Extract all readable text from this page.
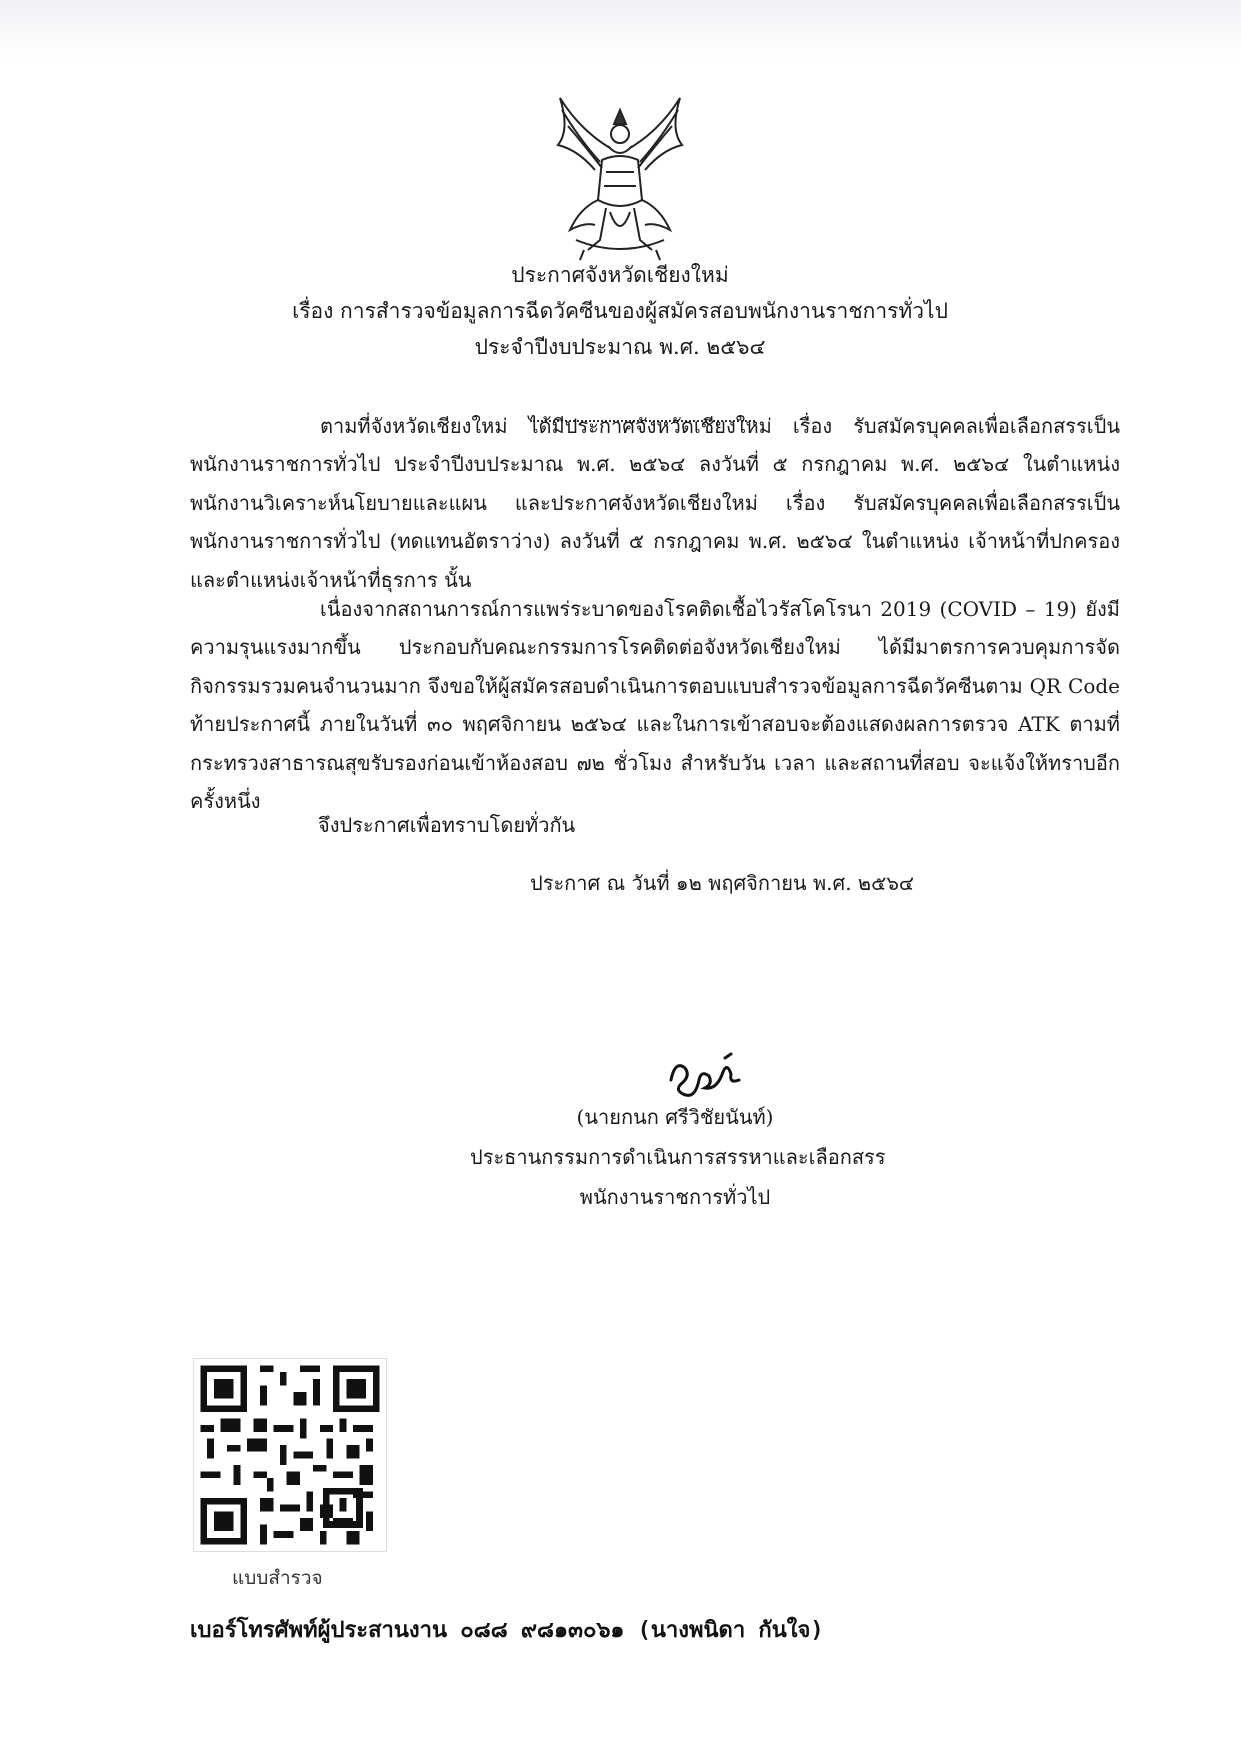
ประกาศจังหวัดเชียงใหม่
เรื่อง การสำรวจข้อมูลการฉีดวัคซีนของผู้สมัครสอบพนักงานราชการทั่วไป
ประจำปีงบประมาณ พ.ศ. ๒๕๖๔
ตามที่จังหวัดเชียงใหม่ ได้มีประกาศจังหวัดเชียงใหม่ เรื่อง รับสมัครบุคคลเพื่อเลือกสรรเป็นพนักงานราชการทั่วไป ประจำปีงบประมาณ พ.ศ. ๒๕๖๔ ลงวันที่ ๕ กรกฎาคม พ.ศ. ๒๕๖๔ ในตำแหน่งพนักงานวิเคราะห์นโยบายและแผน และประกาศจังหวัดเชียงใหม่ เรื่อง รับสมัครบุคคลเพื่อเลือกสรรเป็นพนักงานราชการทั่วไป (ทดแทนอัตราว่าง) ลงวันที่ ๕ กรกฎาคม พ.ศ. ๒๕๖๔ ในตำแหน่ง เจ้าหน้าที่ปกครอง และตำแหน่งเจ้าหน้าที่ธุรการ นั้น
เนื่องจากสถานการณ์การแพร่ระบาดของโรคติดเชื้อไวรัสโคโรนา 2019 (COVID – 19) ยังมีความรุนแรงมากขึ้น ประกอบกับคณะกรรมการโรคติดต่อจังหวัดเชียงใหม่ ได้มีมาตรการควบคุมการจัดกิจกรรมรวมคนจำนวนมาก จึงขอให้ผู้สมัครสอบดำเนินการตอบแบบสำรวจข้อมูลการฉีดวัคซีนตาม QR Code ท้ายประกาศนี้ ภายในวันที่ ๓๐ พฤศจิกายน ๒๕๖๔ และในการเข้าสอบจะต้องแสดงผลการตรวจ ATK ตามที่กระทรวงสาธารณสุขรับรองก่อนเข้าห้องสอบ ๗๒ ชั่วโมง สำหรับวัน เวลา และสถานที่สอบ จะแจ้งให้ทราบอีกครั้งหนึ่ง
จึงประกาศเพื่อทราบโดยทั่วกัน
ประกาศ ณ วันที่ ๑๒ พฤศจิกายน พ.ศ. ๒๕๖๔
(นายกนก ศรีวิชัยนันท์)
ประธานกรรมการดำเนินการสรรหาและเลือกสรร
พนักงานราชการทั่วไป
แบบสำรวจ
เบอร์โทรศัพท์ผู้ประสานงาน ๐๘๘ ๙๘๑๓๐๖๑ (นางพนิดา กันใจ)
